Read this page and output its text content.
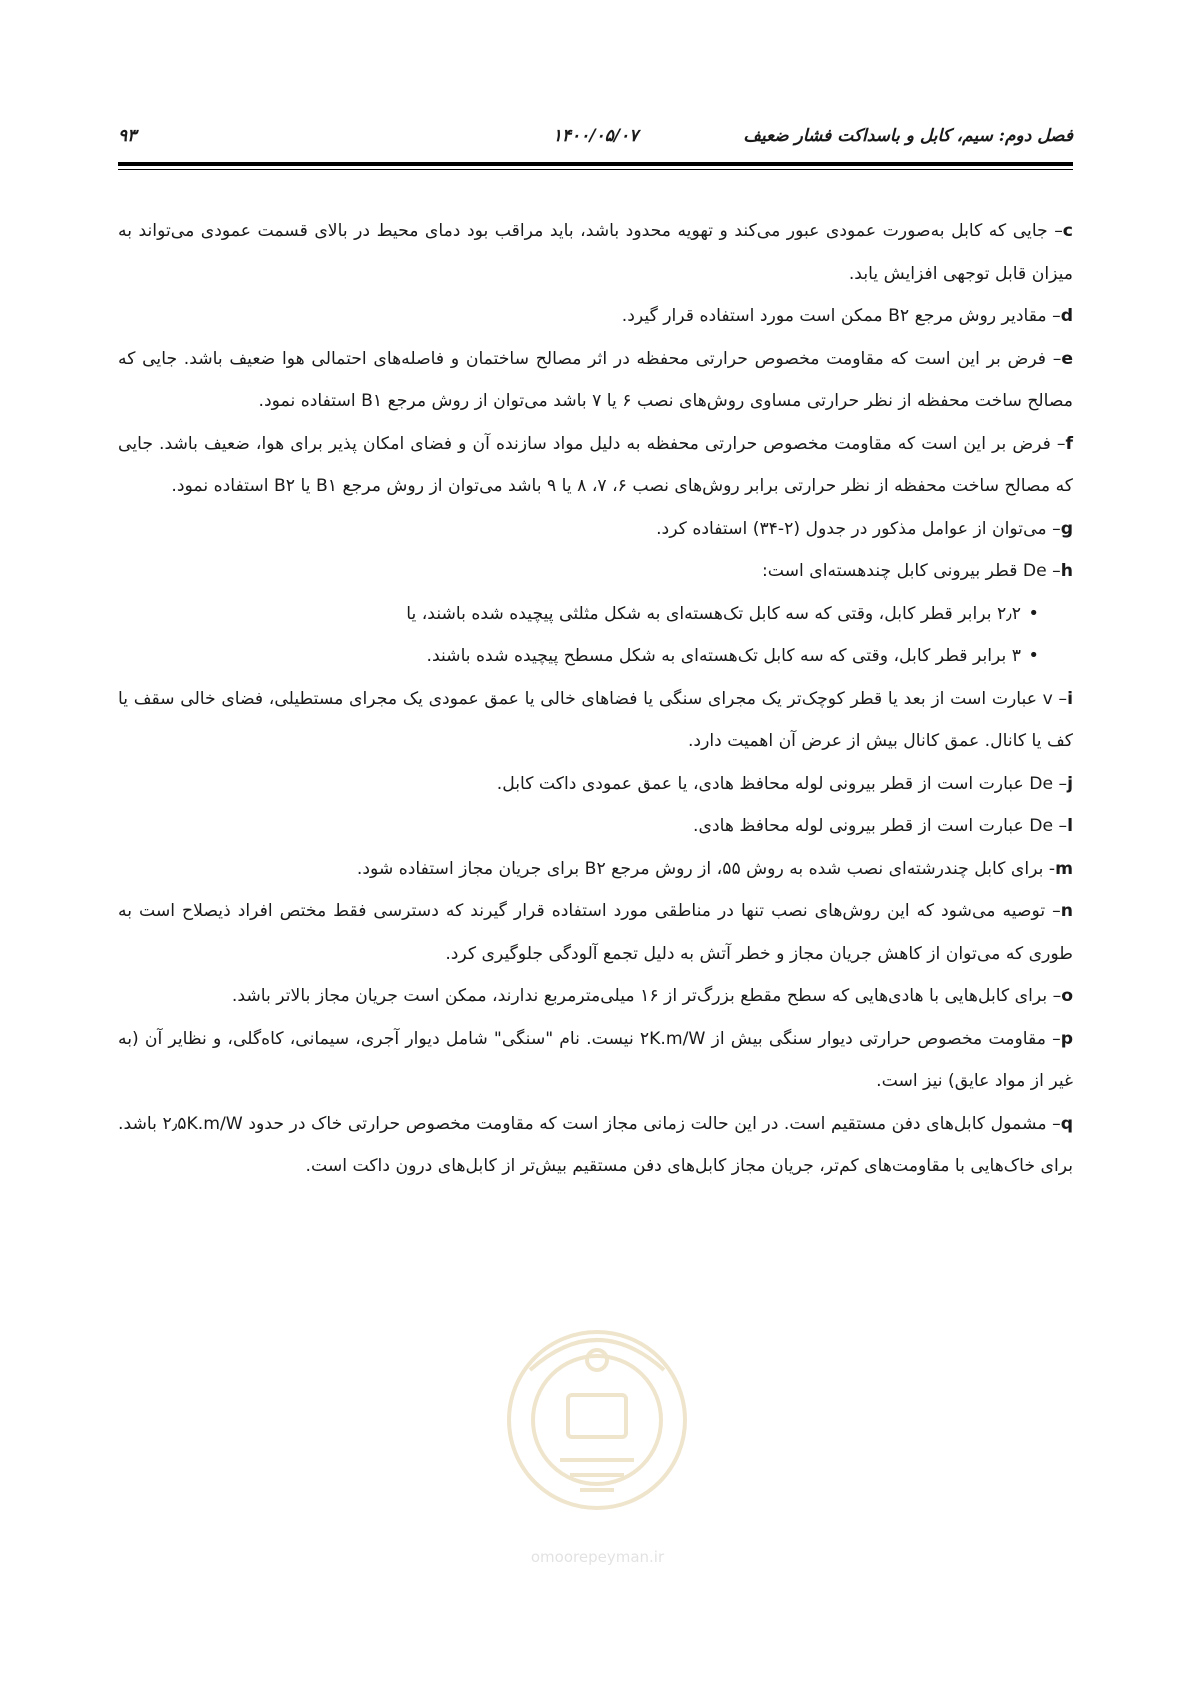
فصل دوم: سیم، کابل و باسداکت فشار ضعیف
۱۴۰۰/۰۵/۰۷
۹۳

c– جایی که کابل به‌صورت عمودی عبور می‌کند و تهویه محدود باشد، باید مراقب بود دمای محیط در بالای قسمت عمودی می‌تواند به میزان قابل توجهی افزایش یابد.

d– مقادیر روش مرجع B۲ ممکن است مورد استفاده قرار گیرد.

e– فرض بر این است که مقاومت مخصوص حرارتی محفظه در اثر مصالح ساختمان و فاصله‌های احتمالی هوا ضعیف باشد. جایی که مصالح ساخت محفظه از نظر حرارتی مساوی روش‌های نصب ۶ یا ۷ باشد می‌توان از روش مرجع B۱ استفاده نمود.

f– فرض بر این است که مقاومت مخصوص حرارتی محفظه به دلیل مواد سازنده آن و فضای امکان پذیر برای هوا، ضعیف باشد. جایی که مصالح ساخت محفظه از نظر حرارتی برابر روش‌های نصب ۶، ۷، ۸ یا ۹ باشد می‌توان از روش مرجع B۱ یا B۲ استفاده نمود.

g– می‌توان از عوامل مذکور در جدول (۲-۳۴) استفاده کرد.

h– De قطر بیرونی کابل چندهسته‌ای است:

• ۲٫۲ برابر قطر کابل، وقتی که سه کابل تک‌هسته‌ای به شکل مثلثی پیچیده شده باشند، یا
• ۳ برابر قطر کابل، وقتی که سه کابل تک‌هسته‌ای به شکل مسطح پیچیده شده باشند.

i– v عبارت است از بعد یا قطر کوچک‌تر یک مجرای سنگی یا فضاهای خالی یا عمق عمودی یک مجرای مستطیلی، فضای خالی سقف یا کف یا کانال. عمق کانال بیش از عرض آن اهمیت دارد.

j– De عبارت است از قطر بیرونی لوله محافظ هادی، یا عمق عمودی داکت کابل.

l– De عبارت است از قطر بیرونی لوله محافظ هادی.

m- برای کابل چندرشته‌ای نصب شده به روش ۵۵، از روش مرجع B۲ برای جریان مجاز استفاده شود.

n– توصیه می‌شود که این روش‌های نصب تنها در مناطقی مورد استفاده قرار گیرند که دسترسی فقط مختص افراد ذیصلاح است به طوری که می‌توان از کاهش جریان مجاز و خطر آتش به دلیل تجمع آلودگی جلوگیری کرد.

o– برای کابل‌هایی با هادی‌هایی که سطح مقطع بزرگ‌تر از ۱۶ میلی‌مترمربع ندارند، ممکن است جریان مجاز بالاتر باشد.

p– مقاومت مخصوص حرارتی دیوار سنگی بیش از ۲K.m/W نیست. نام "سنگی" شامل دیوار آجری، سیمانی، کاه‌گلی، و نظایر آن (به غیر از مواد عایق) نیز است.

q– مشمول کابل‌های دفن مستقیم است. در این حالت زمانی مجاز است که مقاومت مخصوص حرارتی خاک در حدود ۲٫۵K.m/W باشد. برای خاک‌هایی با مقاومت‌های کم‌تر، جریان مجاز کابل‌های دفن مستقیم بیش‌تر از کابل‌های درون داکت است.

omoorepeyman.ir
